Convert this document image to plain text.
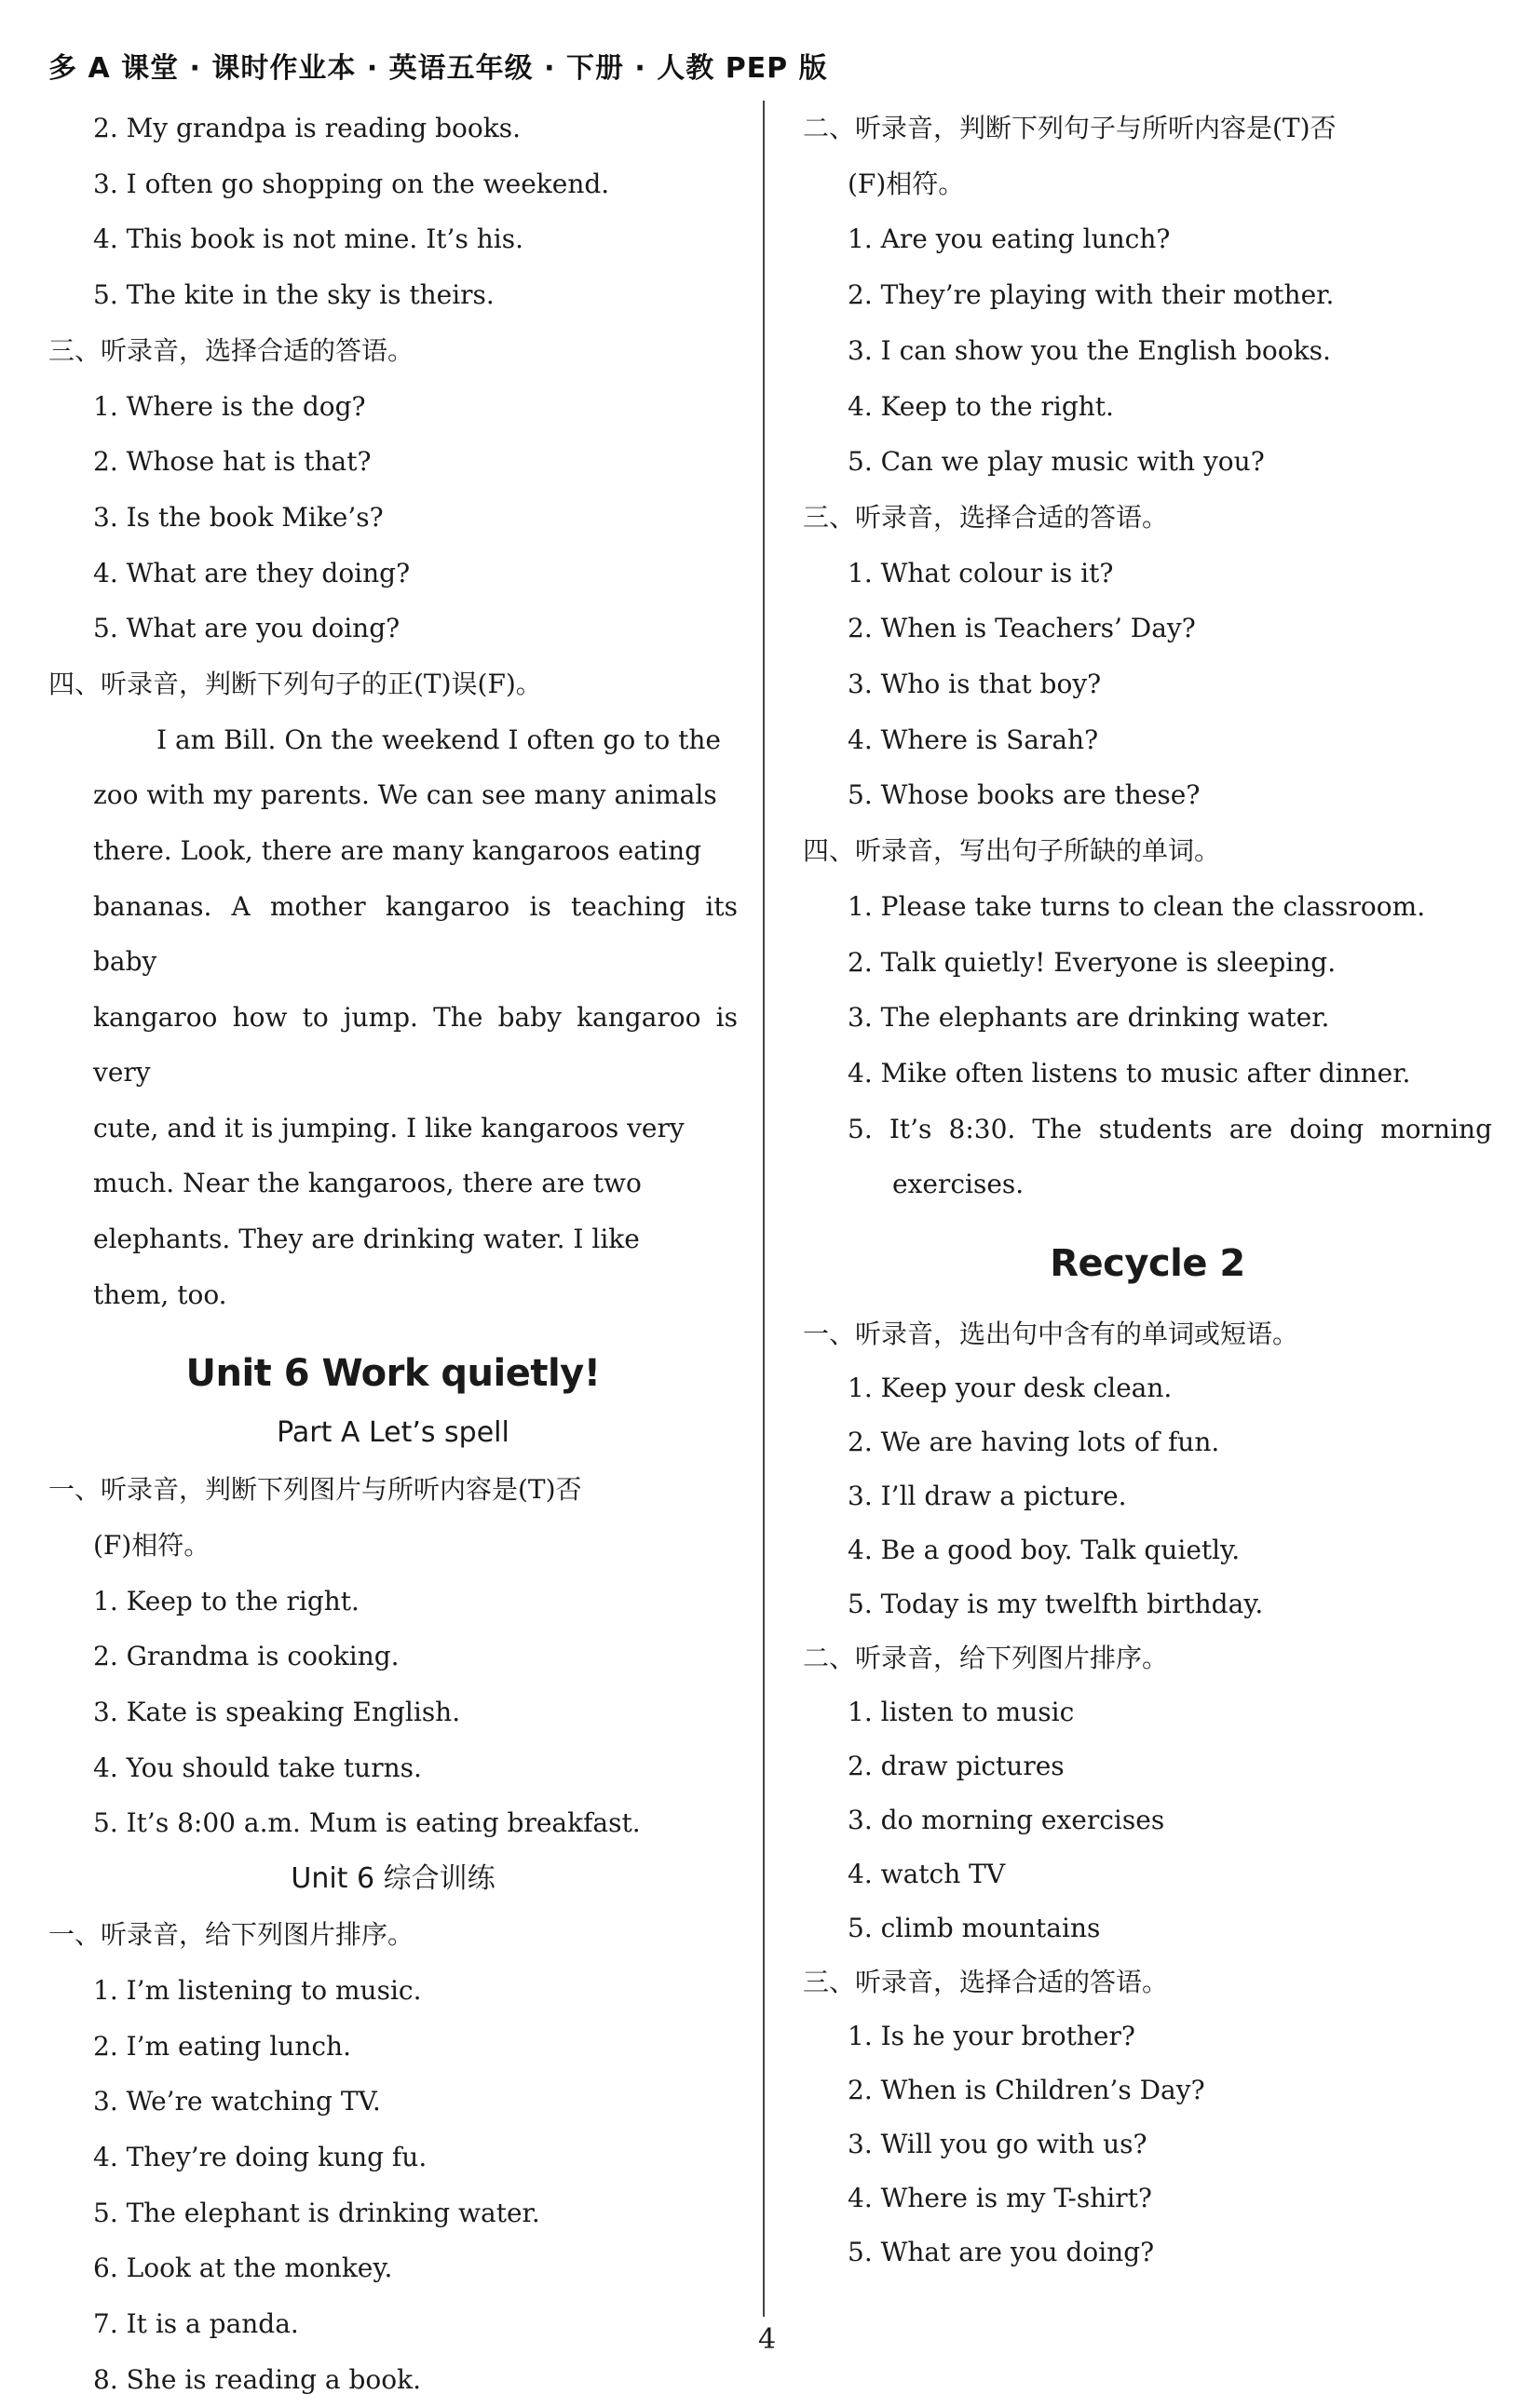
多 A 课堂 · 课时作业本 · 英语五年级 · 下册 · 人教 PEP 版
2. My grandpa is reading books.
3. I often go shopping on the weekend.
4. This book is not mine. It’s his.
5. The kite in the sky is theirs.
三、听录音，选择合适的答语。
1. Where is the dog?
2. Whose hat is that?
3. Is the book Mike’s?
4. What are they doing?
5. What are you doing?
四、听录音，判断下列句子的正(T)误(F)。
I am Bill. On the weekend I often go to the
zoo with my parents. We can see many animals
there. Look, there are many kangaroos eating
bananas. A mother kangaroo is teaching its baby
kangaroo how to jump. The baby kangaroo is very
cute, and it is jumping. I like kangaroos very
much. Near the kangaroos, there are two
elephants. They are drinking water. I like
them, too.
Unit 6 Work quietly!
Part A Let’s spell
一、听录音，判断下列图片与所听内容是(T)否
(F)相符。
1. Keep to the right.
2. Grandma is cooking.
3. Kate is speaking English.
4. You should take turns.
5. It’s 8:00 a.m. Mum is eating breakfast.
Unit 6 综合训练
一、听录音，给下列图片排序。
1. I’m listening to music.
2. I’m eating lunch.
3. We’re watching TV.
4. They’re doing kung fu.
5. The elephant is drinking water.
6. Look at the monkey.
7. It is a panda.
8. She is reading a book.
二、听录音，判断下列句子与所听内容是(T)否
(F)相符。
1. Are you eating lunch?
2. They’re playing with their mother.
3. I can show you the English books.
4. Keep to the right.
5. Can we play music with you?
三、听录音，选择合适的答语。
1. What colour is it?
2. When is Teachers’ Day?
3. Who is that boy?
4. Where is Sarah?
5. Whose books are these?
四、听录音，写出句子所缺的单词。
1. Please take turns to clean the classroom.
2. Talk quietly! Everyone is sleeping.
3. The elephants are drinking water.
4. Mike often listens to music after dinner.
5. It’s 8:30. The students are doing morning
exercises.
Recycle 2
一、听录音，选出句中含有的单词或短语。
1. Keep your desk clean.
2. We are having lots of fun.
3. I’ll draw a picture.
4. Be a good boy. Talk quietly.
5. Today is my twelfth birthday.
二、听录音，给下列图片排序。
1. listen to music
2. draw pictures
3. do morning exercises
4. watch TV
5. climb mountains
三、听录音，选择合适的答语。
1. Is he your brother?
2. When is Children’s Day?
3. Will you go with us?
4. Where is my T-shirt?
5. What are you doing?
4
